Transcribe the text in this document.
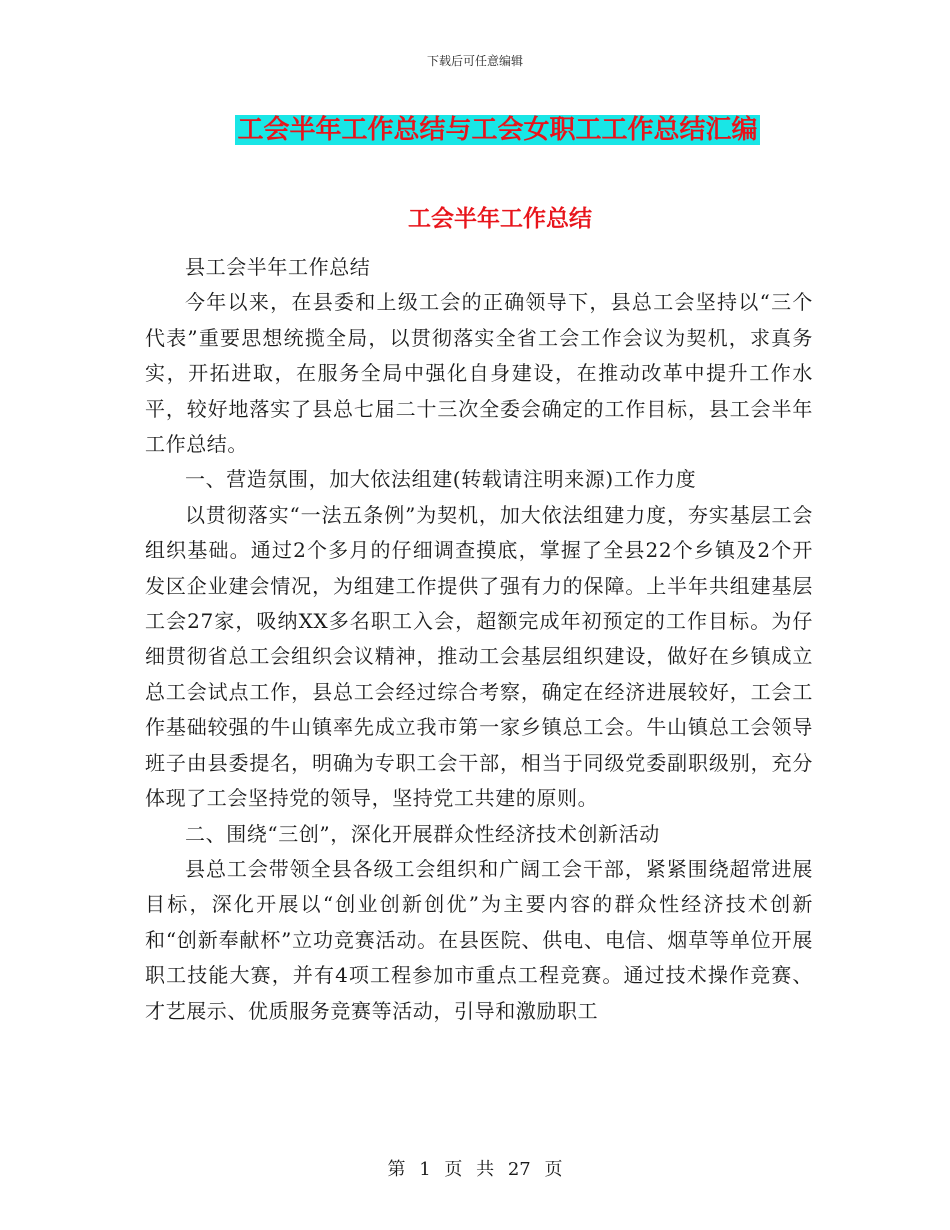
下载后可任意编辑
工会半年工作总结与工会女职工工作总结汇编
工会半年工作总结

县工会半年工作总结

今年以来，在县委和上级工会的正确领导下，县总工会坚持以“三个代表”重要思想统揽全局，以贯彻落实全省工会工作会议为契机，求真务实，开拓进取，在服务全局中强化自身建设，在推动改革中提升工作水平，较好地落实了县总七届二十三次全委会确定的工作目标，县工会半年工作总结。

一、营造氛围，加大依法组建(转载请注明来源)工作力度

以贯彻落实“一法五条例”为契机，加大依法组建力度，夯实基层工会组织基础。通过2个多月的仔细调查摸底，掌握了全县22个乡镇及2个开发区企业建会情况，为组建工作提供了强有力的保障。上半年共组建基层工会27家，吸纳XX多名职工入会，超额完成年初预定的工作目标。为仔细贯彻省总工会组织会议精神，推动工会基层组织建设，做好在乡镇成立总工会试点工作，县总工会经过综合考察，确定在经济进展较好，工会工作基础较强的牛山镇率先成立我市第一家乡镇总工会。牛山镇总工会领导班子由县委提名，明确为专职工会干部，相当于同级党委副职级别，充分体现了工会坚持党的领导，坚持党工共建的原则。

二、围绕“三创”，深化开展群众性经济技术创新活动

县总工会带领全县各级工会组织和广阔工会干部，紧紧围绕超常进展目标，深化开展以“创业创新创优”为主要内容的群众性经济技术创新和“创新奉献杯”立功竞赛活动。在县医院、供电、电信、烟草等单位开展职工技能大赛，并有4项工程参加市重点工程竞赛。通过技术操作竞赛、才艺展示、优质服务竞赛等活动，引导和激励职工

第 1 页 共 27 页
